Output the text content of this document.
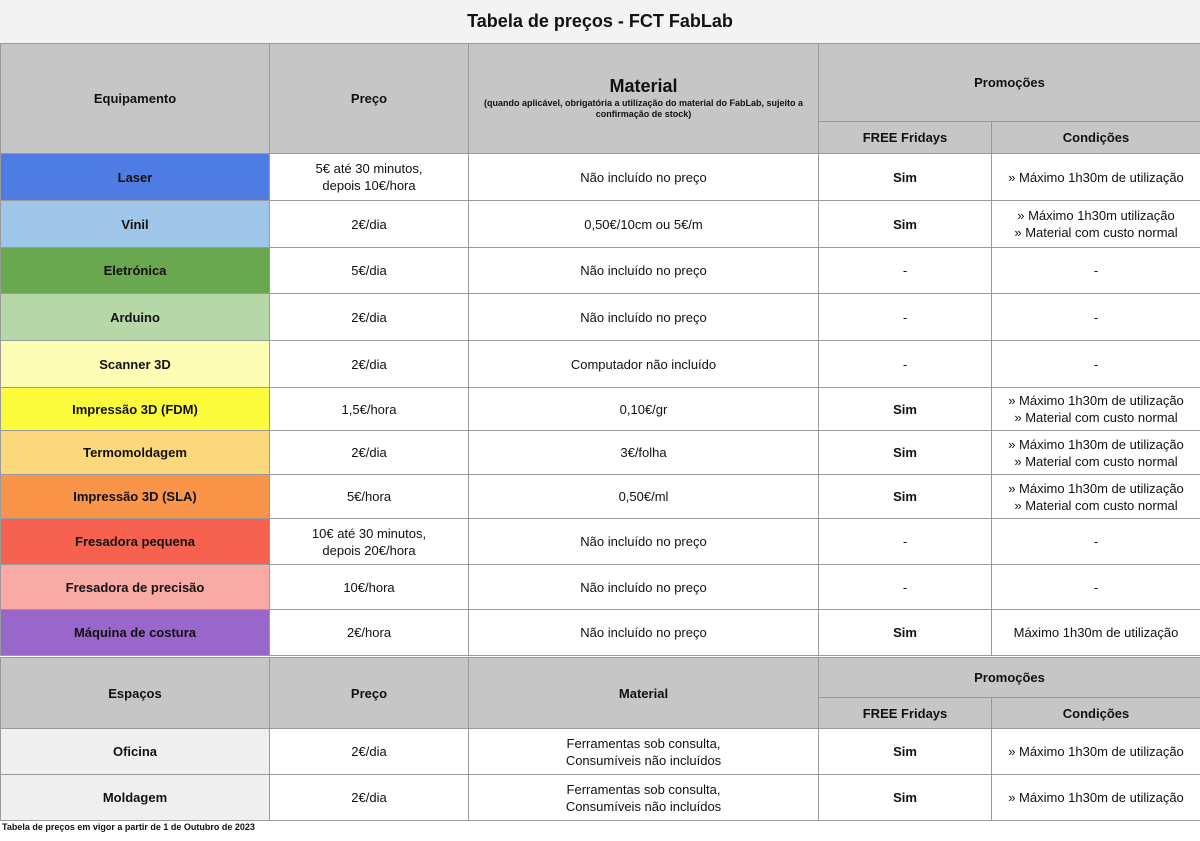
Tabela de preços - FCT FabLab
Equipamento	Preço	Material
(quando aplicável, obrigatória a utilização do material do FabLab, sujeito a confirmação de stock)	Promoções	
			FREE Fridays	Condições
Laser	5€ até 30 minutos,
depois 10€/hora	Não incluído no preço	Sim	» Máximo 1h30m de utilização

Vinil	2€/dia	0,50€/10cm ou 5€/m	Sim	» Máximo 1h30m utilização
» Material com custo normal

Eletrónica	5€/dia	Não incluído no preço	-	-

Arduino	2€/dia	Não incluído no preço	-	-

Scanner 3D	2€/dia	Computador não incluído	-	-

Impressão 3D (FDM)	1,5€/hora	0,10€/gr	Sim	» Máximo 1h30m de utilização
» Material com custo normal

Termomoldagem	2€/dia	3€/folha	Sim	» Máximo 1h30m de utilização
» Material com custo normal

Impressão 3D (SLA)	5€/hora	0,50€/ml	Sim	» Máximo 1h30m de utilização
» Material com custo normal

Fresadora pequena	10€ até 30 minutos,
depois 20€/hora	Não incluído no preço	-	-

Fresadora de precisão	10€/hora	Não incluído no preço	-	-

Máquina de costura	2€/hora	Não incluído no preço	Sim	Máximo 1h30m de utilização
Espaços	Preço	Material	Promoções	
			FREE Fridays	Condições
Oficina	2€/dia	Ferramentas sob consulta,
Consumíveis não incluídos	Sim	» Máximo 1h30m de utilização

Moldagem	2€/dia	Ferramentas sob consulta,
Consumíveis não incluídos	Sim	» Máximo 1h30m de utilização
Tabela de preços em vigor a partir de 1 de Outubro de 2023
